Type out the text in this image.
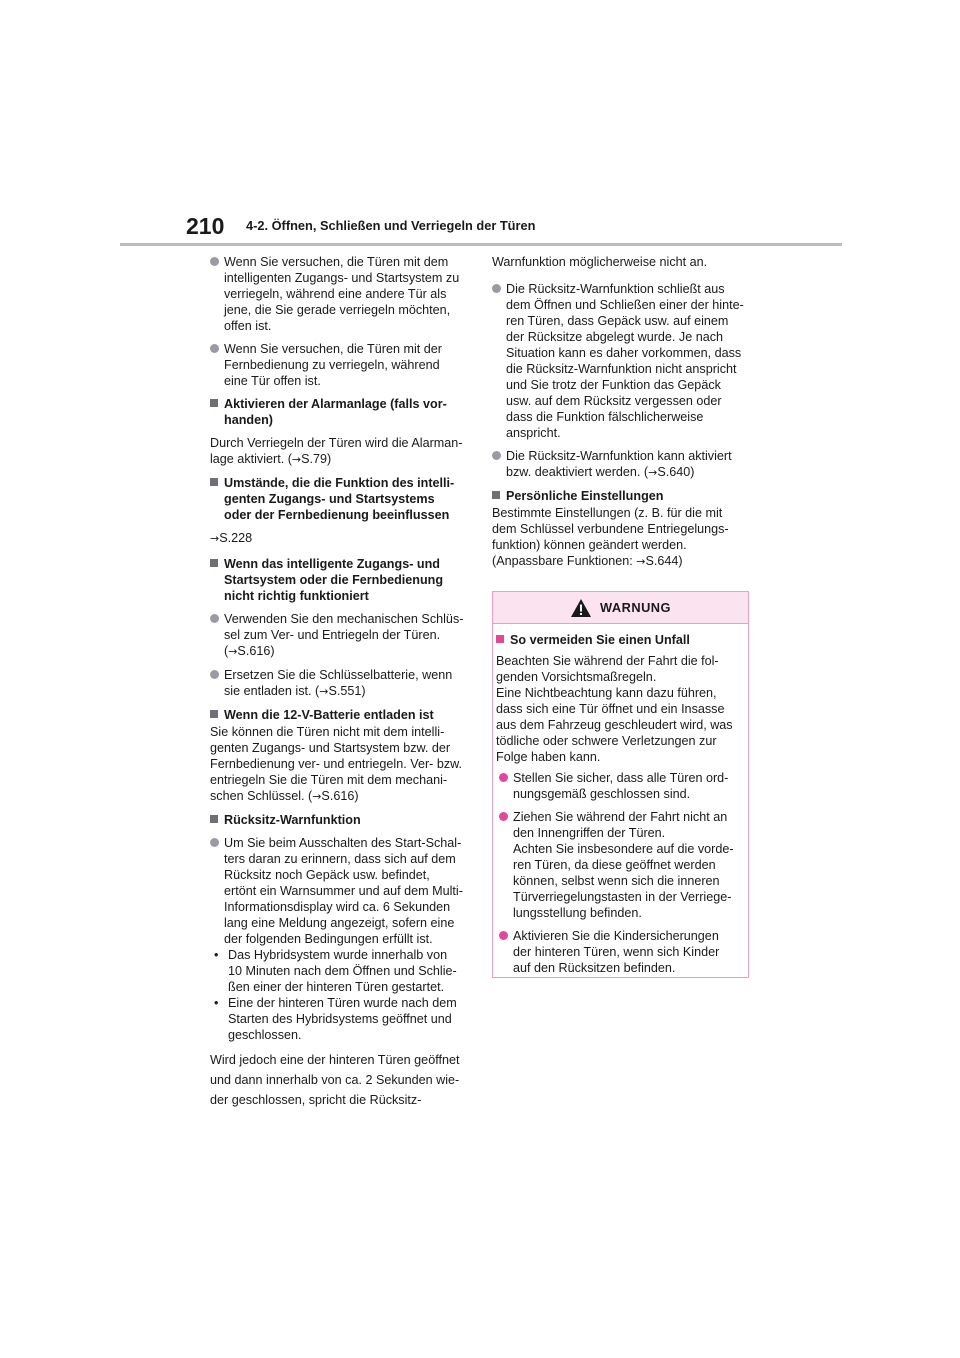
210 4-2. Öffnen, Schließen und Verriegeln der Türen
Wenn Sie versuchen, die Türen mit dem
intelligenten Zugangs- und Startsystem zu
verriegeln, während eine andere Tür als
jene, die Sie gerade verriegeln möchten,
offen ist.
Wenn Sie versuchen, die Türen mit der
Fernbedienung zu verriegeln, während
eine Tür offen ist.
Aktivieren der Alarmanlage (falls vor-
handen)
Durch Verriegeln der Türen wird die Alarman-
lage aktiviert. (→S.79)
Umstände, die die Funktion des intelli-
genten Zugangs- und Startsystems
oder der Fernbedienung beeinflussen
→S.228
Wenn das intelligente Zugangs- und
Startsystem oder die Fernbedienung
nicht richtig funktioniert
Verwenden Sie den mechanischen Schlüs-
sel zum Ver- und Entriegeln der Türen.
(→S.616)
Ersetzen Sie die Schlüsselbatterie, wenn
sie entladen ist. (→S.551)
Wenn die 12-V-Batterie entladen ist
Sie können die Türen nicht mit dem intelli-
genten Zugangs- und Startsystem bzw. der
Fernbedienung ver- und entriegeln. Ver- bzw.
entriegeln Sie die Türen mit dem mechani-
schen Schlüssel. (→S.616)
Rücksitz-Warnfunktion
Um Sie beim Ausschalten des Start-Schal-
ters daran zu erinnern, dass sich auf dem
Rücksitz noch Gepäck usw. befindet,
ertönt ein Warnsummer und auf dem Multi-
Informationsdisplay wird ca. 6 Sekunden
lang eine Meldung angezeigt, sofern eine
der folgenden Bedingungen erfüllt ist.
• Das Hybridsystem wurde innerhalb von
10 Minuten nach dem Öffnen und Schlie-
ßen einer der hinteren Türen gestartet.
• Eine der hinteren Türen wurde nach dem
Starten des Hybridsystems geöffnet und
geschlossen.
Wird jedoch eine der hinteren Türen geöffnet
und dann innerhalb von ca. 2 Sekunden wie-
der geschlossen, spricht die Rücksitz-
Warnfunktion möglicherweise nicht an.
Die Rücksitz-Warnfunktion schließt aus
dem Öffnen und Schließen einer der hinte-
ren Türen, dass Gepäck usw. auf einem
der Rücksitze abgelegt wurde. Je nach
Situation kann es daher vorkommen, dass
die Rücksitz-Warnfunktion nicht anspricht
und Sie trotz der Funktion das Gepäck
usw. auf dem Rücksitz vergessen oder
dass die Funktion fälschlicherweise
anspricht.
Die Rücksitz-Warnfunktion kann aktiviert
bzw. deaktiviert werden. (→S.640)
Persönliche Einstellungen
Bestimmte Einstellungen (z. B. für die mit
dem Schlüssel verbundene Entriegelungs-
funktion) können geändert werden.
(Anpassbare Funktionen: →S.644)
WARNUNG
So vermeiden Sie einen Unfall
Beachten Sie während der Fahrt die fol-
genden Vorsichtsmaßregeln.
Eine Nichtbeachtung kann dazu führen,
dass sich eine Tür öffnet und ein Insasse
aus dem Fahrzeug geschleudert wird, was
tödliche oder schwere Verletzungen zur
Folge haben kann.
Stellen Sie sicher, dass alle Türen ord-
nungsgemäß geschlossen sind.
Ziehen Sie während der Fahrt nicht an
den Innengriffen der Türen.
Achten Sie insbesondere auf die vorde-
ren Türen, da diese geöffnet werden
können, selbst wenn sich die inneren
Türverriegelungstasten in der Verriege-
lungsstellung befinden.
Aktivieren Sie die Kindersicherungen
der hinteren Türen, wenn sich Kinder
auf den Rücksitzen befinden.
